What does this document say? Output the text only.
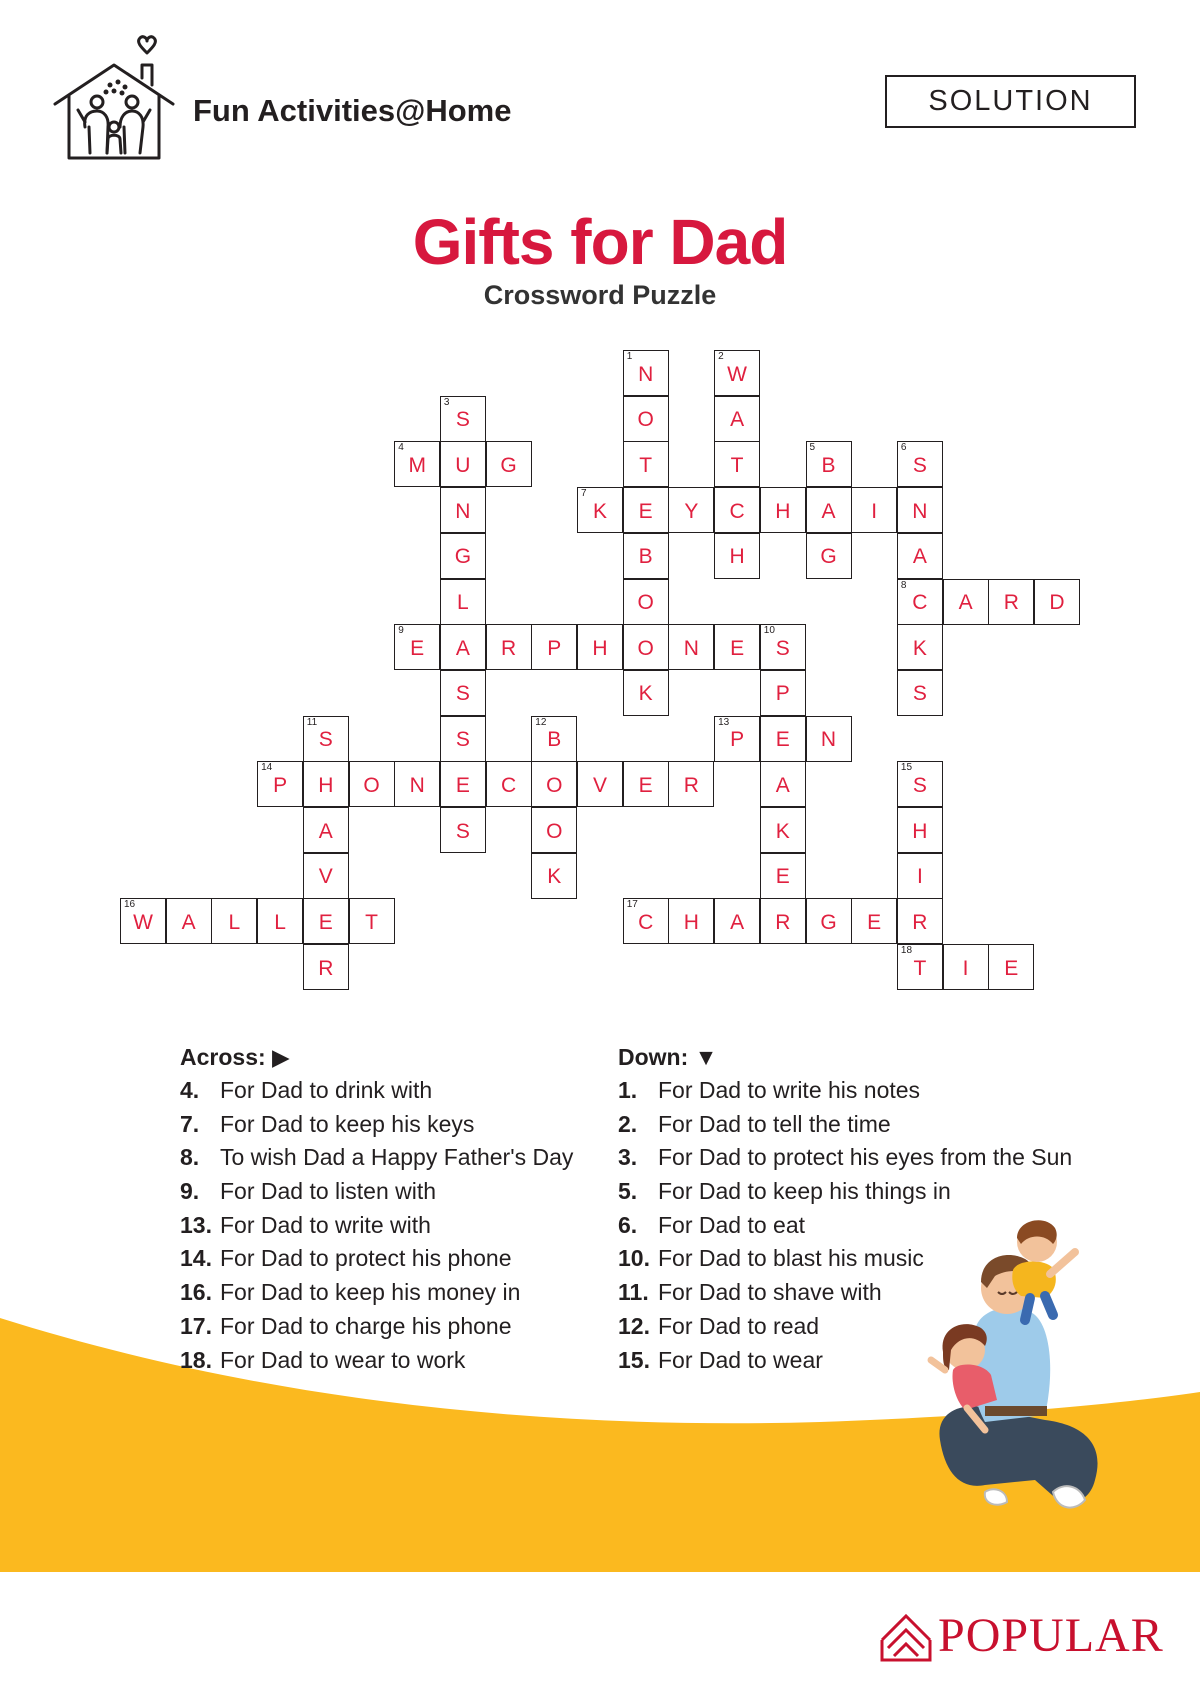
Fun Activities@Home	SOLUTION
Gifts for Dad
Crossword Puzzle
1
N
O
T
E
B
O
O
K
2
W
A
T
C
H
3
S
U
N
G
L
A
S
S
E
S
4
M	G
5
B
A
G
6
S
N
A
8
C
K
S
7
K	Y	H	I
A	R	D
9
E	R	P	H	N	E
10
S
P
E
A
K
E
R
13
P	N
11
S
H
A
V
E
R
12
B
O
O
K
14
P	O	N	C	V	E	R
15
S
H
I
R
18
T	I	E
16
W	A	L	L	T
17
C	H	A	G	E
Across: ▶
4. For Dad to drink with
7. For Dad to keep his keys
8. To wish Dad a Happy Father's Day
9. For Dad to listen with
13. For Dad to write with
14. For Dad to protect his phone
16. For Dad to keep his money in
17. For Dad to charge his phone
18. For Dad to wear to work
Down: ▼
1. For Dad to write his notes
2. For Dad to tell the time
3. For Dad to protect his eyes from the Sun
5. For Dad to keep his things in
6. For Dad to eat
10. For Dad to blast his music
11. For Dad to shave with
12. For Dad to read
15. For Dad to wear
POPULAR
